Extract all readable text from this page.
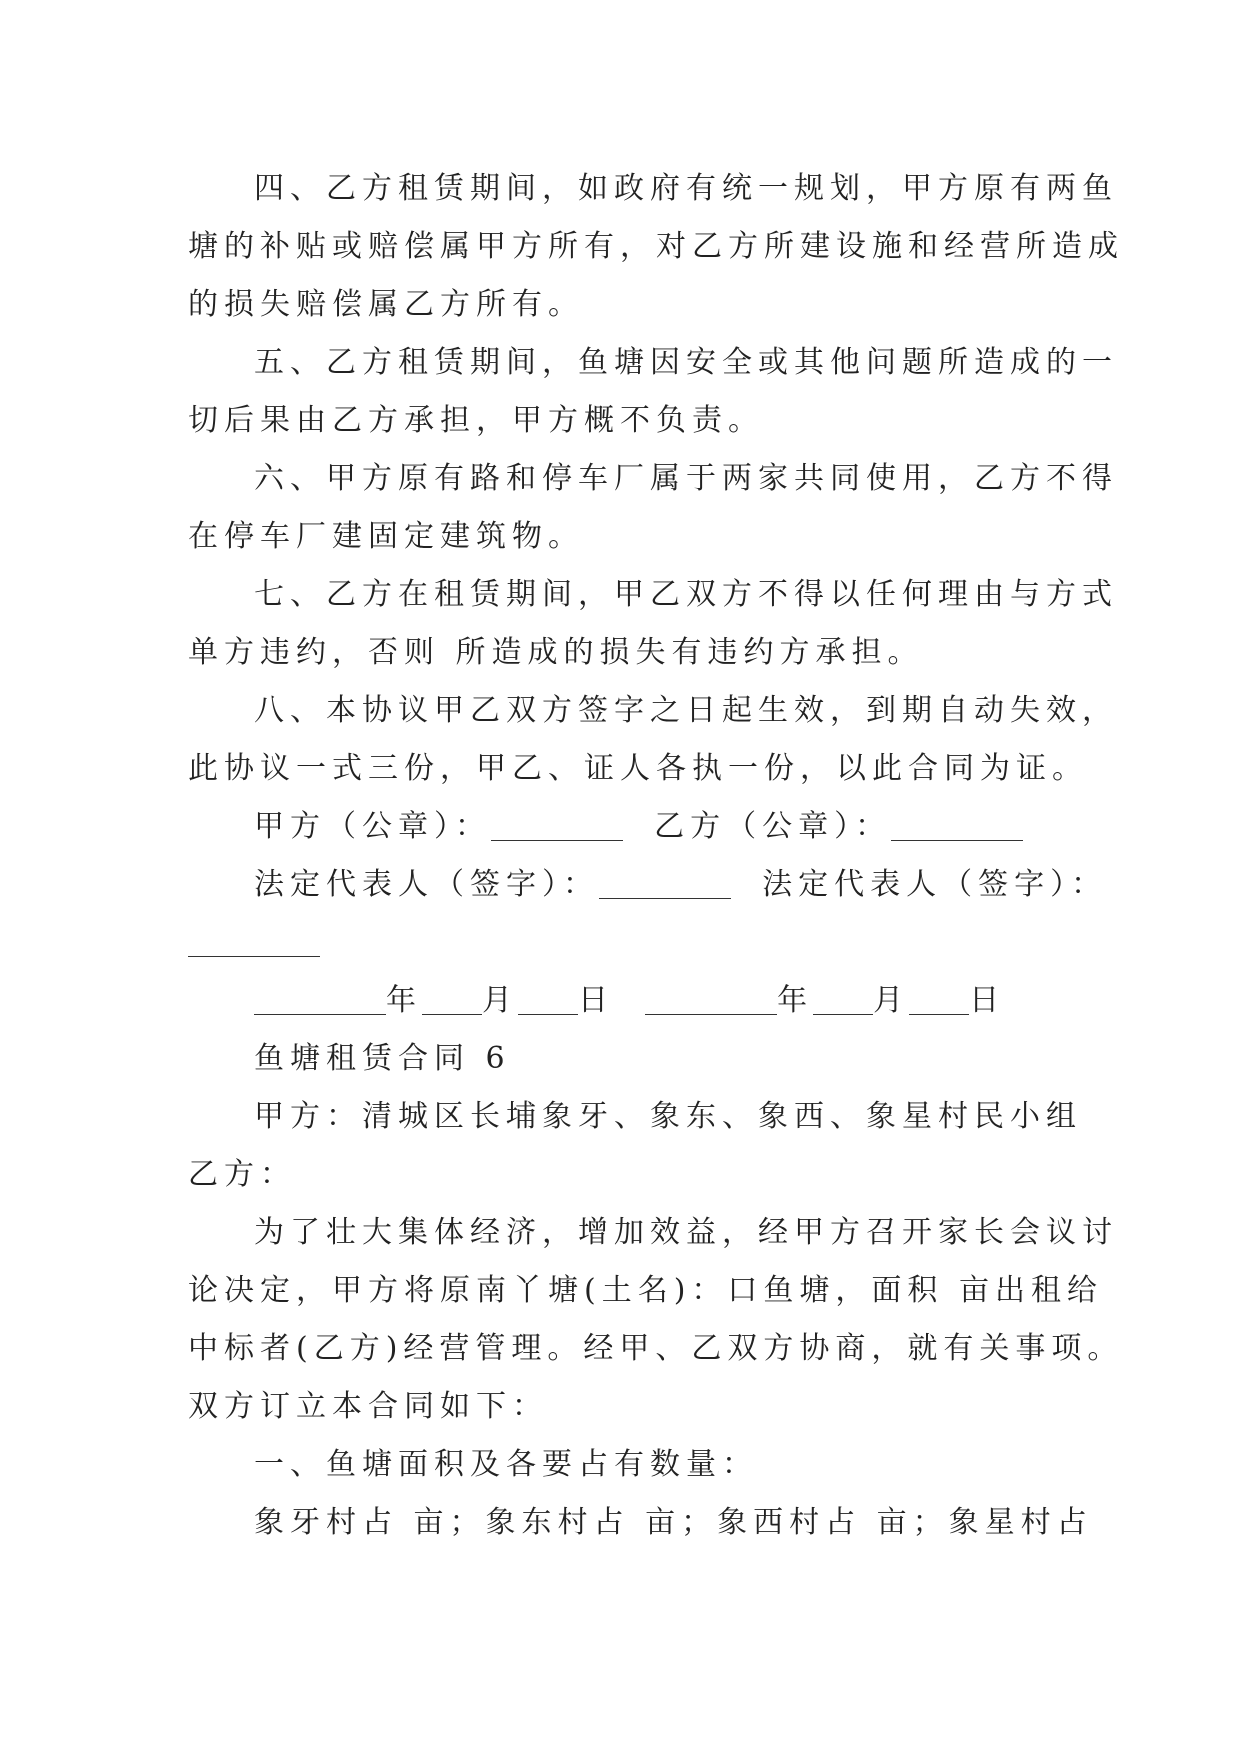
四、乙方租赁期间，如政府有统一规划，甲方原有两鱼
塘的补贴或赔偿属甲方所有，对乙方所建设施和经营所造成
的损失赔偿属乙方所有。
五、乙方租赁期间，鱼塘因安全或其他问题所造成的一
切后果由乙方承担，甲方概不负责。
六、甲方原有路和停车厂属于两家共同使用，乙方不得
在停车厂建固定建筑物。
七、乙方在租赁期间，甲乙双方不得以任何理由与方式
单方违约，否则 所造成的损失有违约方承担。
八、本协议甲乙双方签字之日起生效，到期自动失效，
此协议一式三份，甲乙、证人各执一份，以此合同为证。
甲方（公章）：	乙方（公章）：
法定代表人（签字）：	法定代表人（签字）：
年 月 日	年 月 日
鱼塘租赁合同 6
甲方：清城区长埔象牙、象东、象西、象星村民小组
乙方：
为了壮大集体经济，增加效益，经甲方召开家长会议讨
论决定，甲方将原南丫塘(土名)：口鱼塘，面积 亩出租给
中标者(乙方)经营管理。经甲、乙双方协商，就有关事项。
双方订立本合同如下：
一、鱼塘面积及各要占有数量：
象牙村占 亩；象东村占 亩；象西村占 亩；象星村占
